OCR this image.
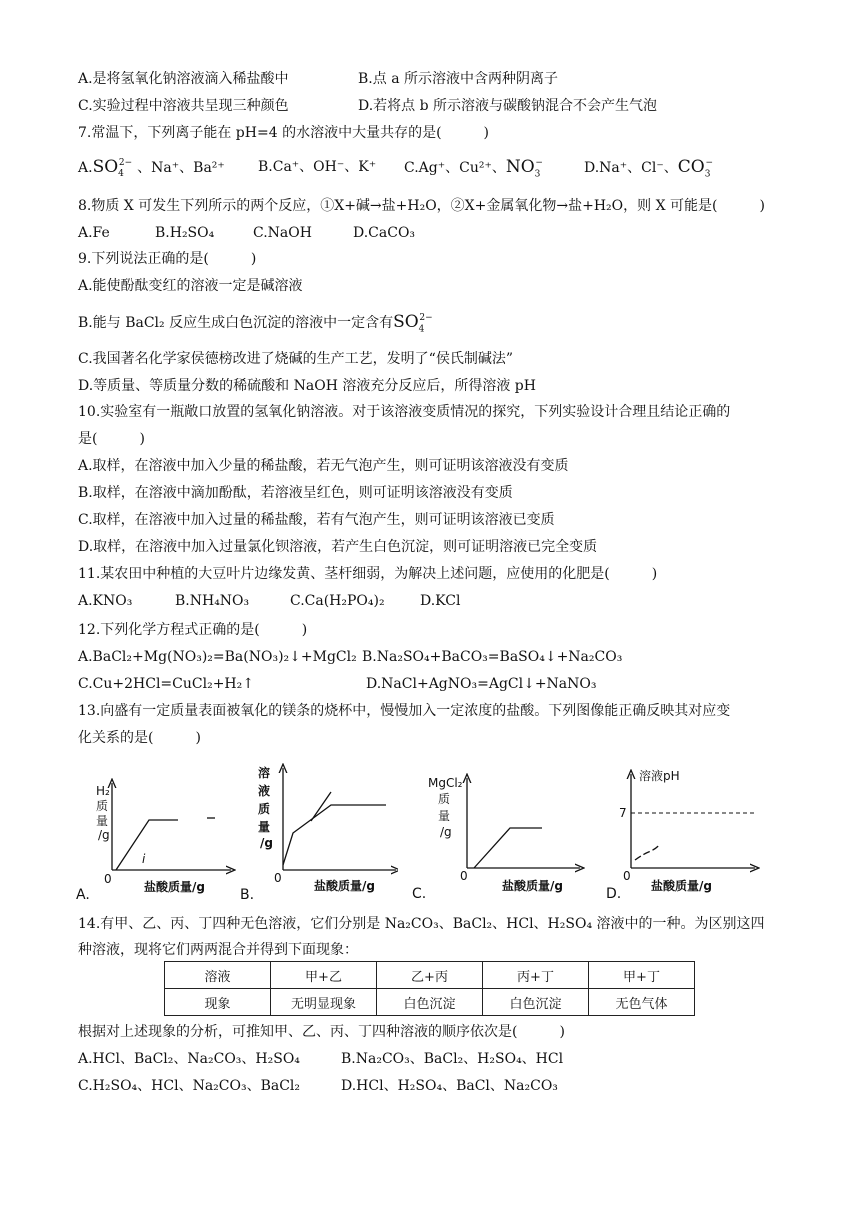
A.是将氢氧化钠溶液滴入稀盐酸中	B.点 a 所示溶液中含两种阴离子
C.实验过程中溶液共呈现三种颜色	D.若将点 b 所示溶液与碳酸钠混合不会产生气泡
7.常温下，下列离子能在 pH=4 的水溶液中大量共存的是(　　　)
$A.SO_4^{2-}$ 、Na⁺、Ba²⁺ B.Ca⁺、OH⁻、K⁺ C.Ag⁺、Cu²⁺、$NO_3^-$	D.Na⁺、Cl⁻、$CO_3^-$
8.物质 X 可发生下列所示的两个反应，①X+碱→盐+H₂O，②X+金属氧化物→盐+H₂O，则 X 可能是(　　　)
A.Fe	B.H₂SO₄	C.NaOH	D.CaCO₃
9.下列说法正确的是(　　　)
A.能使酚酞变红的溶液一定是碱溶液
B.能与 BaCl₂ 反应生成白色沉淀的溶液中一定含有$SO_4^{2-}$
C.我国著名化学家侯德榜改进了烧碱的生产工艺，发明了“侯氏制碱法”
D.等质量、等质量分数的稀硫酸和 NaOH 溶液充分反应后，所得溶液 pH
10.实验室有一瓶敞口放置的氢氧化钠溶液。对于该溶液变质情况的探究，下列实验设计合理且结论正确的
是(　　　)
A.取样，在溶液中加入少量的稀盐酸，若无气泡产生，则可证明该溶液没有变质
B.取样，在溶液中滴加酚酞，若溶液呈红色，则可证明该溶液没有变质
C.取样，在溶液中加入过量的稀盐酸，若有气泡产生，则可证明该溶液已变质
D.取样，在溶液中加入过量氯化钡溶液，若产生白色沉淀，则可证明溶液已完全变质
11.某农田中种植的大豆叶片边缘发黄、茎杆细弱，为解决上述问题，应使用的化肥是(　　　)
A.KNO₃	B.NH₄NO₃	C.Ca(H₂PO₄)₂	D.KCl
12.下列化学方程式正确的是(　　　)
A.BaCl₂+Mg(NO₃)₂=Ba(NO₃)₂↓+MgCl₂ B.Na₂SO₄+BaCO₃=BaSO₄↓+Na₂CO₃
C.Cu+2HCl=CuCl₂+H₂↑	D.NaCl+AgNO₃=AgCl↓+NaNO₃
13.向盛有一定质量表面被氧化的镁条的烧杯中，慢慢加入一定浓度的盐酸。下列图像能正确反映其对应变
化关系的是(　　　)
i
H₂
质
量
/g
0
盐酸质量/g
A.
溶
液
质
量
/g
0
盐酸质量/g
B.
MgCl₂
质
量
/g
0
盐酸质量/g
C.
溶液pH
7
0
盐酸质量/g
D.
14.有甲、乙、丙、丁四种无色溶液，它们分别是 Na₂CO₃、BaCl₂、HCl、H₂SO₄ 溶液中的一种。为区别这四
种溶液，现将它们两两混合并得到下面现象：
溶液	甲+乙	乙+丙	丙+丁	甲+丁
现象	无明显现象	白色沉淀	白色沉淀	无色气体
根据对上述现象的分析，可推知甲、乙、丙、丁四种溶液的顺序依次是(　　　)
A.HCl、BaCl₂、Na₂CO₃、H₂SO₄	B.Na₂CO₃、BaCl₂、H₂SO₄、HCl
C.H₂SO₄、HCl、Na₂CO₃、BaCl₂	D.HCl、H₂SO₄、BaCl、Na₂CO₃
